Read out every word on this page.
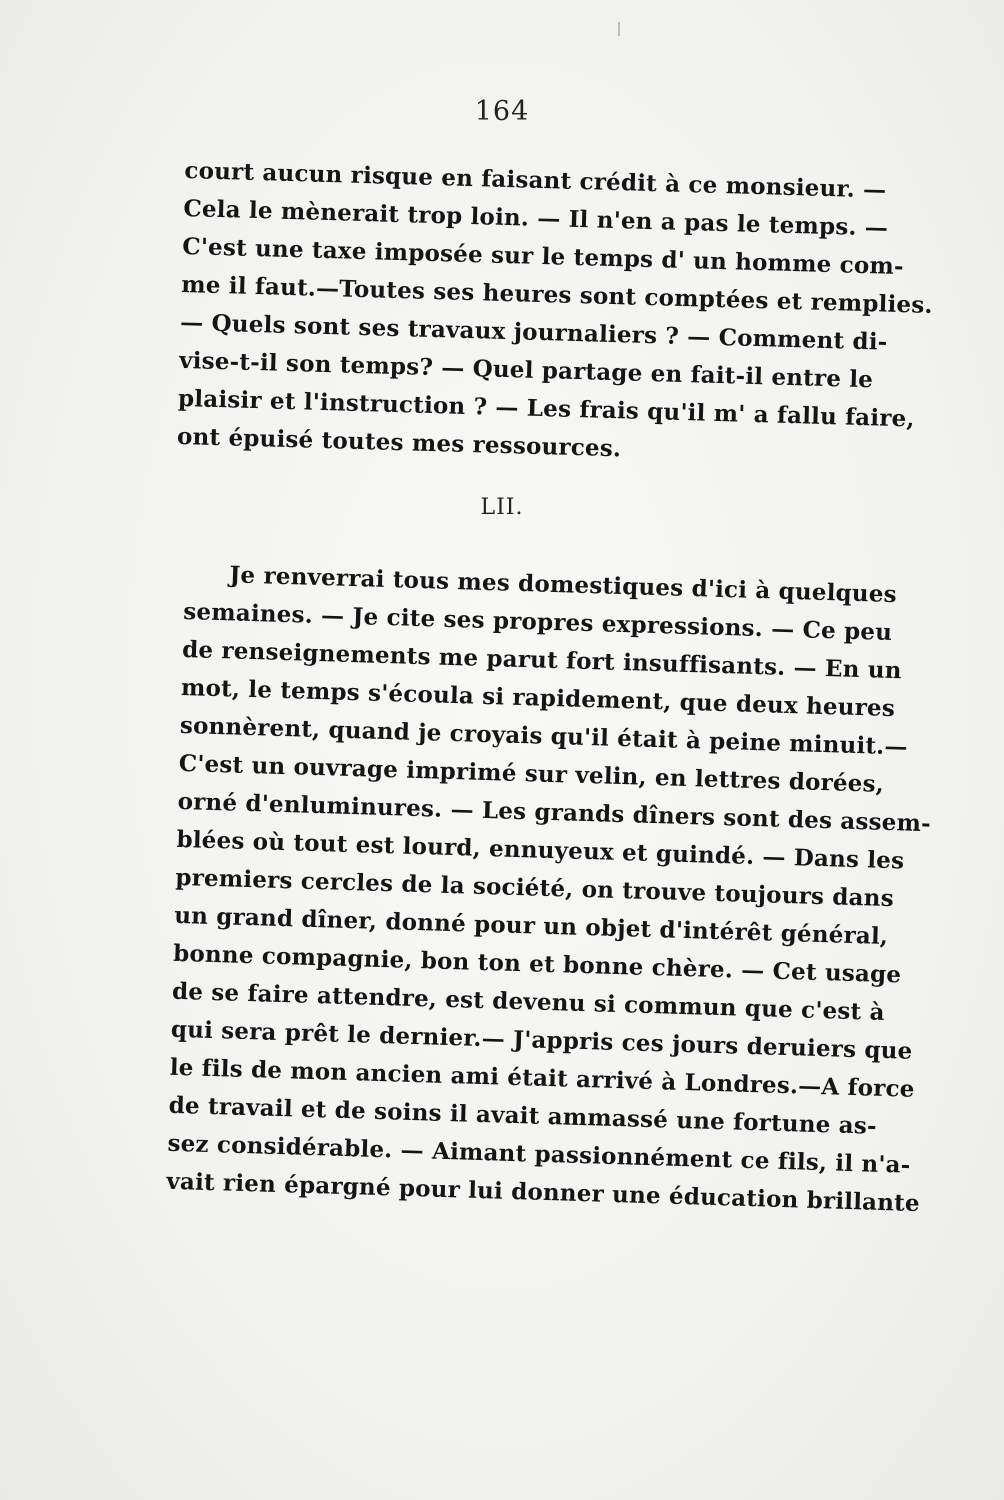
164
court aucun risque en faisant crédit à ce monsieur. —
Cela le mènerait trop loin. — Il n'en a pas le temps. —
C'est une taxe imposée sur le temps d' un homme com-
me il faut.—Toutes ses heures sont comptées et remplies.
— Quels sont ses travaux journaliers ? — Comment di-
vise-t-il son temps? — Quel partage en fait-il entre le
plaisir et l'instruction ? — Les frais qu'il m' a fallu faire,
ont épuisé toutes mes ressources.
LII.
Je renverrai tous mes domestiques d'ici à quelques
semaines. — Je cite ses propres expressions. — Ce peu
de renseignements me parut fort insuffisants. — En un
mot, le temps s'écoula si rapidement, que deux heures
sonnèrent, quand je croyais qu'il était à peine minuit.—
C'est un ouvrage imprimé sur velin, en lettres dorées,
orné d'enluminures. — Les grands dîners sont des assem-
blées où tout est lourd, ennuyeux et guindé. — Dans les
premiers cercles de la société, on trouve toujours dans
un grand dîner, donné pour un objet d'intérêt général,
bonne compagnie, bon ton et bonne chère. — Cet usage
de se faire attendre, est devenu si commun que c'est à
qui sera prêt le dernier.— J'appris ces jours deruiers que
le fils de mon ancien ami était arrivé à Londres.—A force
de travail et de soins il avait ammassé une fortune as-
sez considérable. — Aimant passionnément ce fils, il n'a-
vait rien épargné pour lui donner une éducation brillante
